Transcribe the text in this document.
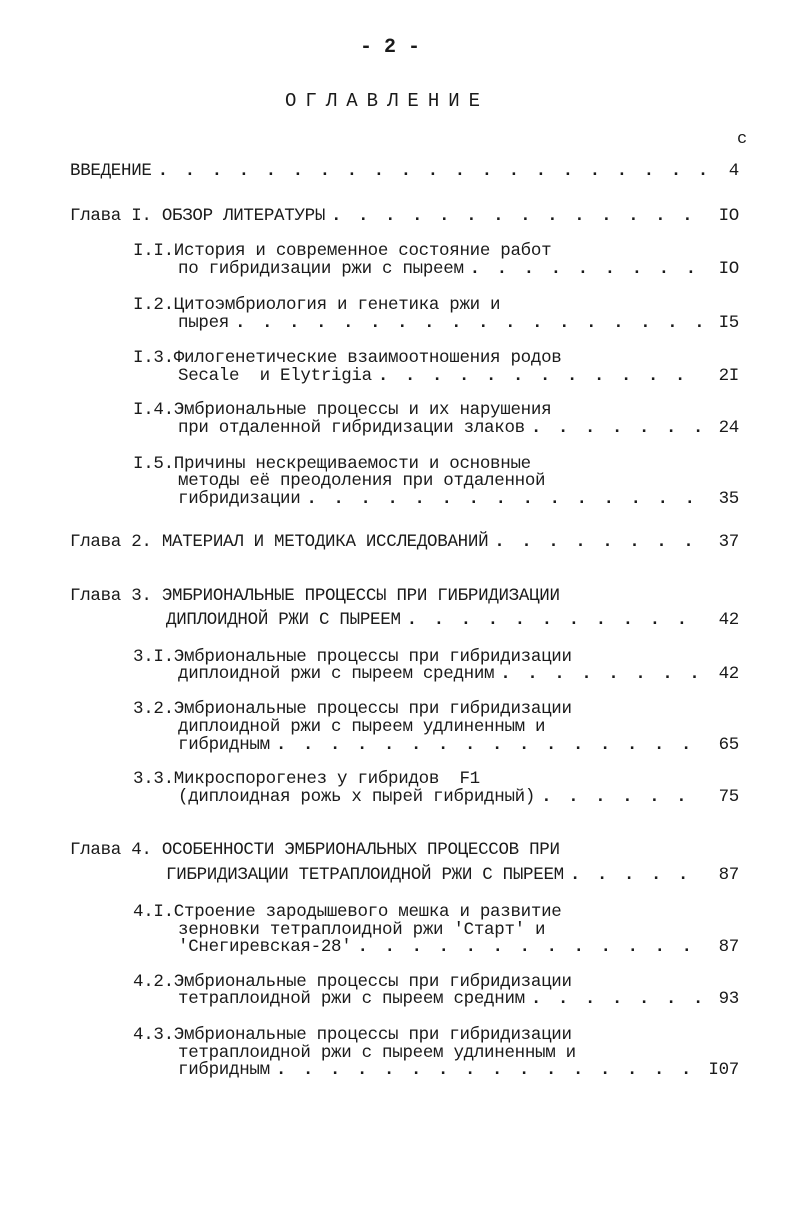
- 2 -
ОГЛАВЛЕНИЕ
с
ВВЕДЕНИЕ . . .	4
Глава I. ОБЗОР ЛИТЕРАТУРЫ . . .	IO
I.I.История и современное состояние работ
по гибридизации ржи с пыреем . . .	IO
I.2.Цитоэмбриология и генетика ржи и
пырея . . .	I5
I.3.Филогенетические взаимоотношения родов
Secale  и Elytrigia . . .	2I
I.4.Эмбриональные процессы и их нарушения
при отдаленной гибридизации злаков . . .	24
I.5.Причины нескрещиваемости и основные
методы её преодоления при отдаленной
гибридизации . . .	35
Глава 2. МАТЕРИАЛ И МЕТОДИКА ИССЛЕДОВАНИЙ . . .	37
Глава 3. ЭМБРИОНАЛЬНЫЕ ПРОЦЕССЫ ПРИ ГИБРИДИЗАЦИИ
ДИПЛОИДНОЙ РЖИ С ПЫРЕЕМ . . .	42
3.I.Эмбриональные процессы при гибридизации
диплоидной ржи с пыреем средним . . .	42
3.2.Эмбриональные процессы при гибридизации
диплоидной ржи с пыреем удлиненным и
гибридным . . .	65
3.3.Микроспорогенез у гибридов  F1
(диплоидная рожь х пырей гибридный) . . .	75
Глава 4. ОСОБЕННОСТИ ЭМБРИОНАЛЬНЫХ ПРОЦЕССОВ ПРИ
ГИБРИДИЗАЦИИ ТЕТРАПЛОИДНОЙ РЖИ С ПЫРЕЕМ . . .	87
4.I.Строение зародышевого мешка и развитие
зерновки тетраплоидной ржи 'Старт' и
'Снегиревская-28' . . .	87
4.2.Эмбриональные процессы при гибридизации
тетраплоидной ржи с пыреем средним . . .	93
4.3.Эмбриональные процессы при гибридизации
тетраплоидной ржи с пыреем удлиненным и
гибридным . . .	I07
